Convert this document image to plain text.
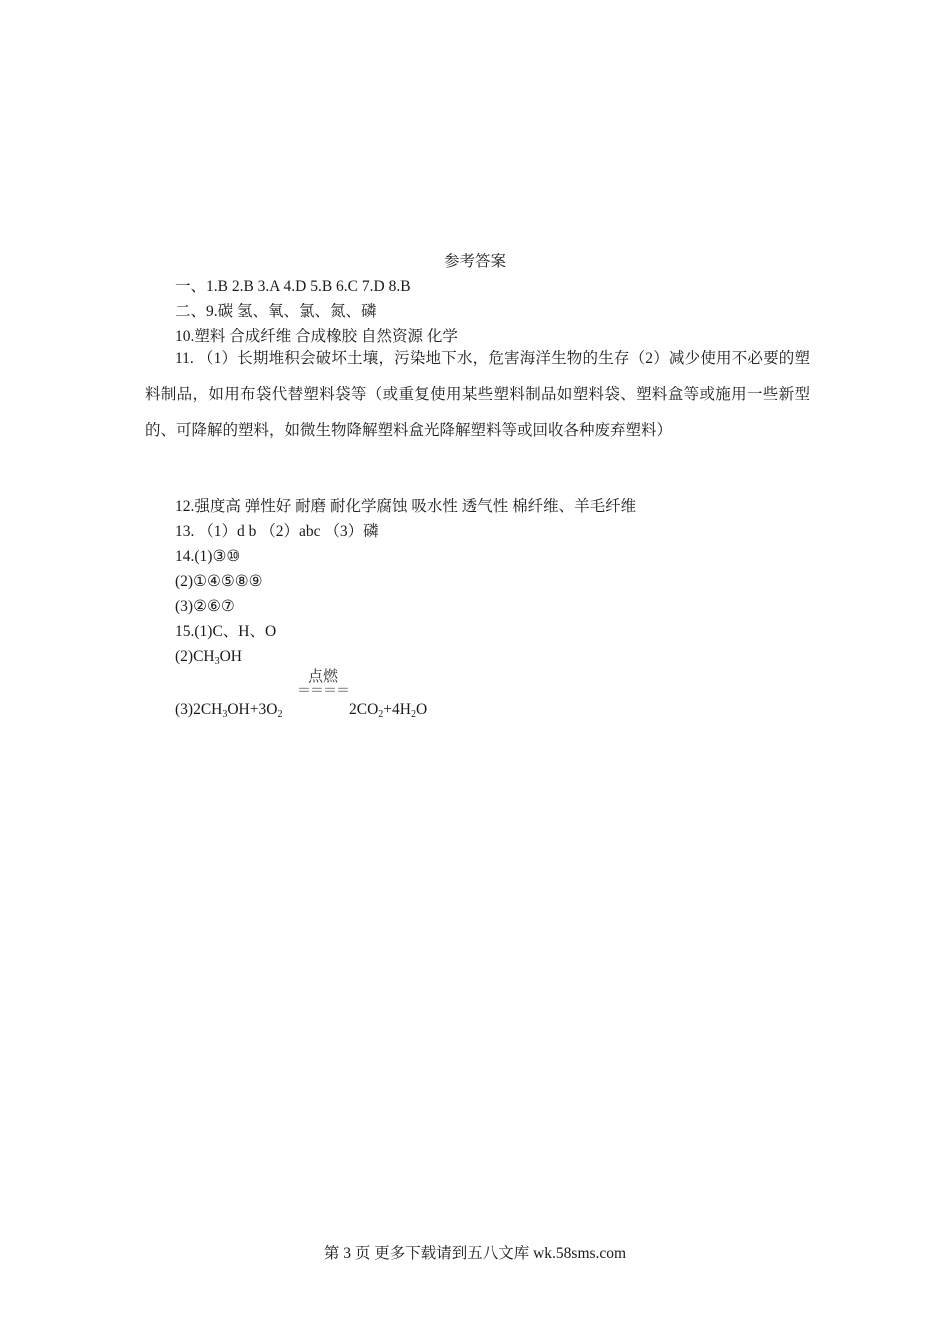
参考答案
一、1.B 2.B 3.A 4.D 5.B 6.C 7.D 8.B
二、9.碳 氢、氧、氯、氮、磷
10.塑料 合成纤维 合成橡胶 自然资源 化学
11. （1）长期堆积会破坏土壤，污染地下水，危害海洋生物的生存（2）减少使用不必要的塑料制品，如用布袋代替塑料袋等（或重复使用某些塑料制品如塑料袋、塑料盒等或施用一些新型的、可降解的塑料，如微生物降解塑料盒光降解塑料等或回收各种废弃塑料）
12.强度高 弹性好 耐磨 耐化学腐蚀 吸水性 透气性 棉纤维、羊毛纤维
13. （1）d b （2）abc （3）磷
14.(1)③⑩
(2)①④⑤⑧⑨
(3)②⑥⑦
15.(1)C、H、O
$(2)CH_3OH$
$(3)2CH_3OH+3O_2$
点燃
＝＝＝＝
$2CO_2+4H_2O$
第 3 页 更多下载请到五八文库 wk.58sms.com
